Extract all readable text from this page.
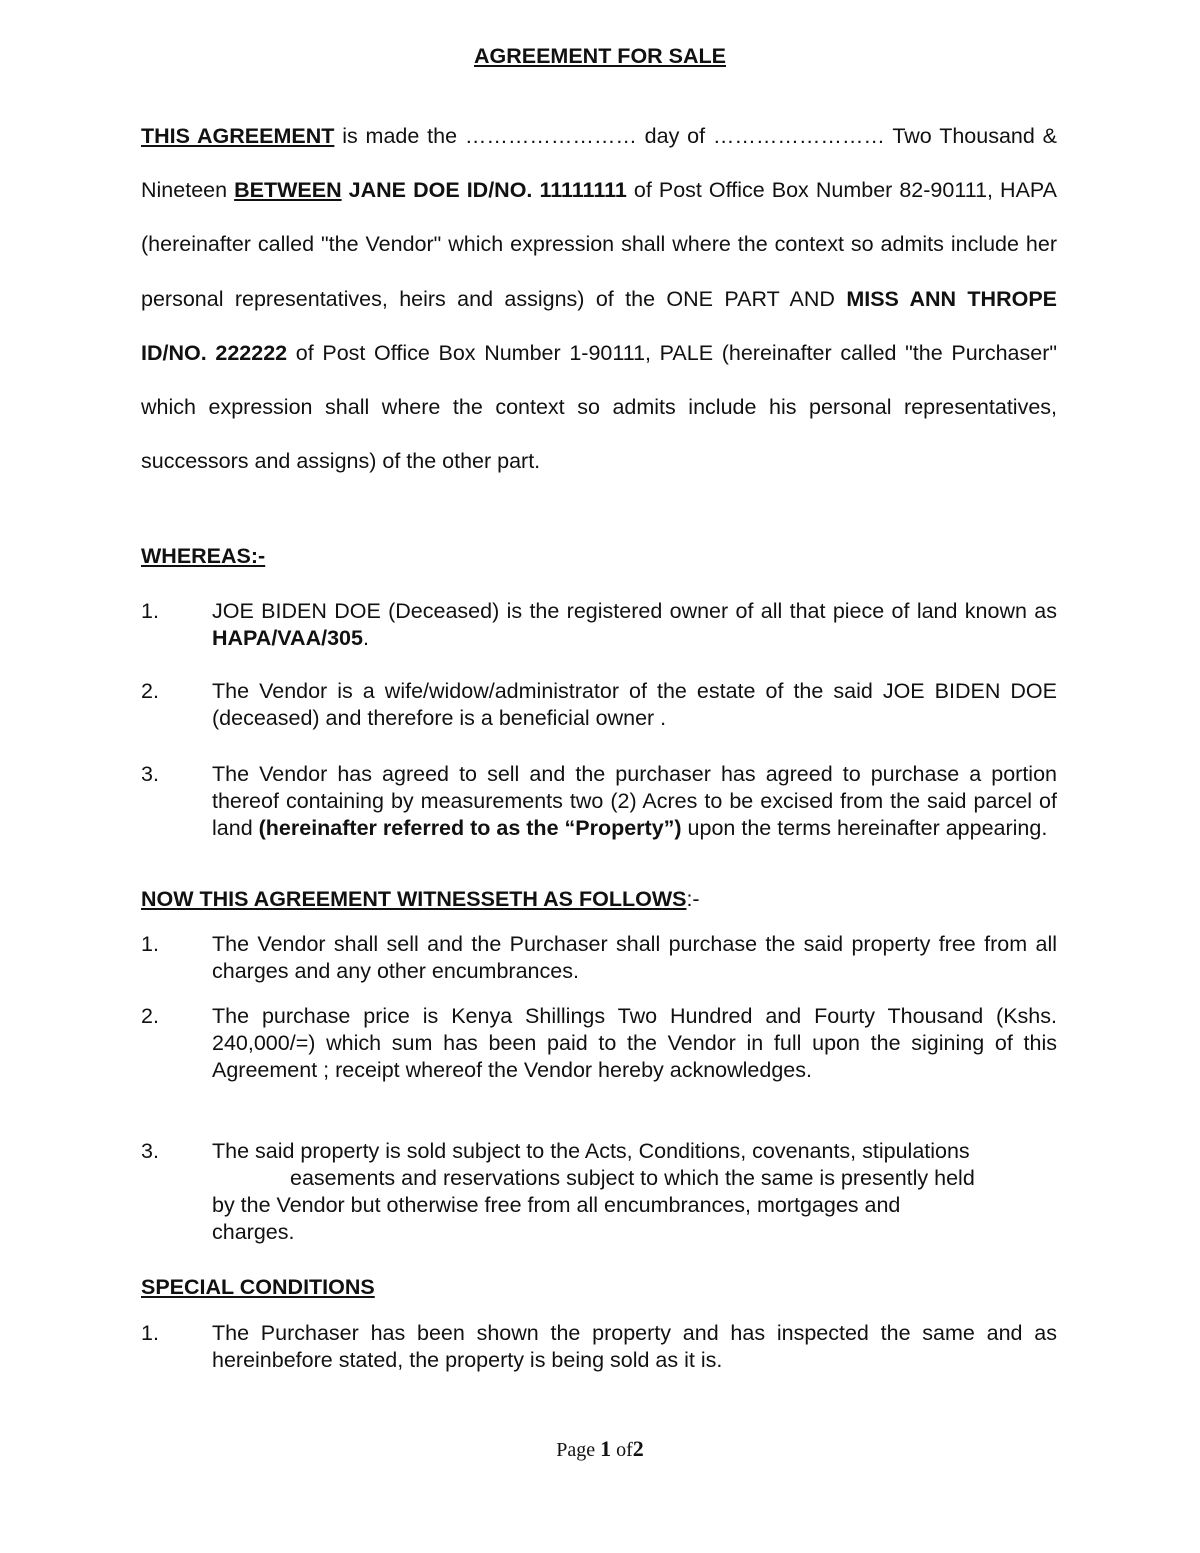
AGREEMENT FOR SALE

THIS AGREEMENT is made the …………………… day of …………………… Two Thousand & Nineteen BETWEEN JANE DOE ID/NO. 11111111 of Post Office Box Number 82-90111, HAPA (hereinafter called "the Vendor" which expression shall where the context so admits include her personal representatives, heirs and assigns) of the ONE PART AND MISS ANN THROPE ID/NO. 222222 of Post Office Box Number 1-90111, PALE (hereinafter called "the Purchaser" which expression shall where the context so admits include his personal representatives, successors and assigns) of the other part.

WHEREAS:-
1. JOE BIDEN DOE (Deceased) is the registered owner of all that piece of land known as HAPA/VAA/305.
2. The Vendor is a wife/widow/administrator of the estate of the said JOE BIDEN DOE (deceased) and therefore is a beneficial owner .
3. The Vendor has agreed to sell and the purchaser has agreed to purchase a portion thereof containing by measurements two (2) Acres to be excised from the said parcel of land (hereinafter referred to as the “Property”) upon the terms hereinafter appearing.
NOW THIS AGREEMENT WITNESSETH AS FOLLOWS:-
1. The Vendor shall sell and the Purchaser shall purchase the said property free from all charges and any other encumbrances.
2. The purchase price is Kenya Shillings Two Hundred and Fourty Thousand (Kshs. 240,000/=) which sum has been paid to the Vendor in full upon the sigining of this Agreement ; receipt whereof the Vendor hereby acknowledges.
3. The said property is sold subject to the Acts, Conditions, covenants, stipulations
easements and reservations subject to which the same is presently held
by the Vendor but otherwise free from all encumbrances, mortgages and
charges.
SPECIAL CONDITIONS
1. The Purchaser has been shown the property and has inspected the same and as hereinbefore stated, the property is being sold as it is.
Page 1 of2
